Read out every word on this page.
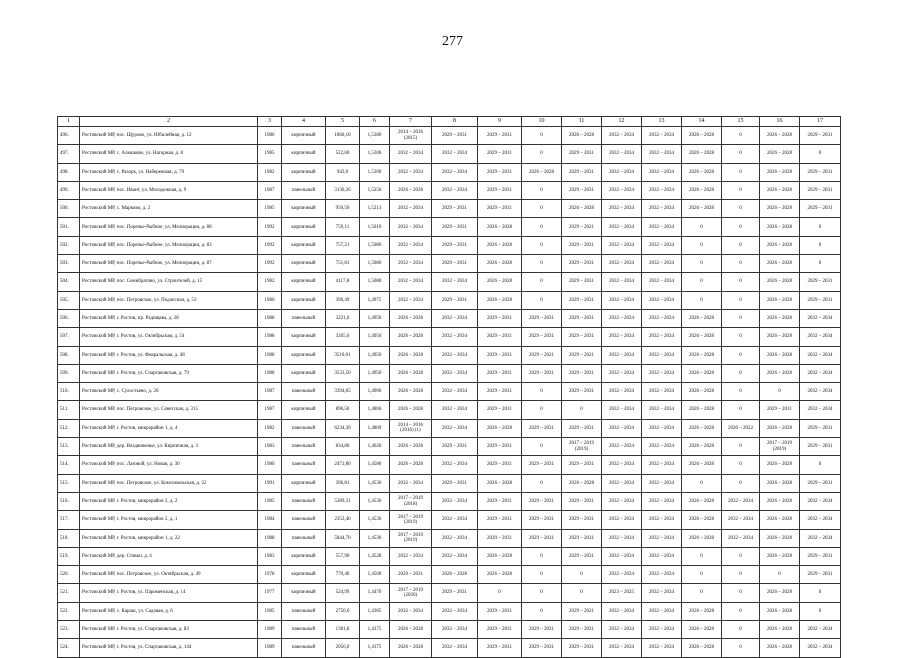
277
1	2	3	4	5	6	7	8	9	10	11	12	13	14	15	16	17
496.	Ростовский МР, пос. Щурово, ул. Юбилейная, д. 12	1980	кирпичный	1860,10	1,5380	2014 – 2016 (2015)	2029 – 2031	2029 – 2031	0	2026 – 2028	2032 – 2034	2032 – 2034	2026 – 2028	0	2026 – 2028	2029 – 2031
497.	Ростовский МР, с. Алешково, ул. Нагорная, д. 8	1985	кирпичный	522,60	1,5306	2032 – 2034	2032 – 2034	2029 – 2031	0	2029 – 2031	2032 – 2034	2032 – 2034	2026 – 2028	0	2026 – 2028	0
498.	Ростовский МР, с. Разорк, ул. Набережная, д. 79	1982	кирпичный	943,0	1,5300	2032 – 2034	2032 – 2034	2029 – 2031	2026 – 2028	2029 – 2031	2032 – 2034	2032 – 2034	2026 – 2028	0	2026 – 2028	2029 – 2031
499.	Ростовский МР, пос. Ивант, ул. Молодежная, д. 9	1987	панельный	3130,26	1,5250	2026 – 2028	2032 – 2034	2029 – 2031	0	2029 – 2031	2032 – 2034	2032 – 2034	2026 – 2028	0	2026 – 2028	2029 – 2031
500.	Ростовский МР, с. Марково, д. 2	1985	кирпичный	950,50	1,5213	2032 – 2034	2029 – 2031	2029 – 2031	0	2026 – 2028	2032 – 2034	2032 – 2034	2026 – 2028	0	2026 – 2028	2029 – 2031
501.	Ростовский МР, пос. Поречье-Рыбное, ул. Мелиорации, д. 88	1992	кирпичный	759,11	1,5610	2032 – 2034	2029 – 2031	2026 – 2028	0	2029 – 2031	2032 – 2034	2032 – 2034	0	0	2026 – 2028	0
502.	Ростовский МР, пос. Поречье-Рыбное, ул. Мелиорации, д. 83	1992	кирпичный	757,21	1,5080	2032 – 2034	2029 – 2031	2026 – 2028	0	2029 – 2031	2032 – 2034	2032 – 2034	0	0	2026 – 2028	0
503.	Ростовский МР, пос. Поречье-Рыбное, ул. Мелиорации, д. 87	1992	кирпичный	751,81	1,5080	2032 – 2034	2029 – 2031	2026 – 2028	0	2029 – 2031	2032 – 2034	2032 – 2034	0	0	2026 – 2028	0
504.	Ростовский МР, пос. Семибратово, ул. Строителей, д. 15	1982	кирпичный	4117,8	1,5080	2032 – 2034	2032 – 2034	2026 – 2028	0	2029 – 2031	2032 – 2034	2032 – 2034	0	0	2026 – 2028	2029 – 2031
505.	Ростовский МР, пос. Петровское, ул. Подлесная, д. 53	1980	кирпичный	396,49	1,4975	2032 – 2034	2029 – 2031	2026 – 2028	0	2029 – 2031	2032 – 2034	2032 – 2034	0	0	2026 – 2028	2029 – 2031
506.	Ростовский МР, г. Ростов, пр. Радищева, д. 28	1988	панельный	3221,6	1,4950	2026 – 2028	2032 – 2034	2029 – 2031	2029 – 2031	2029 – 2031	2032 – 2034	2032 – 2034	2026 – 2028	0	2026 – 2028	2032 – 2034
507.	Ростовский МР, г. Ростов, ул. Октябрьская, д. 54	1988	кирпичный	3265,0	1,4950	2026 – 2028	2032 – 2034	2029 – 2031	2029 – 2031	2029 – 2031	2032 – 2034	2032 – 2034	2026 – 2028	0	2026 – 2028	2032 – 2034
508.	Ростовский МР, г. Ростов, ул. Февральская, д. 48	1988	кирпичный	3510,01	1,4950	2026 – 2028	2032 – 2034	2029 – 2031	2029 – 2031	2029 – 2031	2032 – 2034	2032 – 2034	2026 – 2028	0	2026 – 2028	2032 – 2034
509.	Ростовский МР, г. Ростов, ул. Спартаковская, д. 79	1988	кирпичный	3533,50	1,4950	2026 – 2028	2032 – 2034	2029 – 2031	2029 – 2031	2029 – 2031	2032 – 2034	2032 – 2034	2026 – 2028	0	2026 – 2028	2032 – 2034
510.	Ростовский МР, с. Сулостьево, д. 26	1987	панельный	3394,65	1,4906	2026 – 2028	2032 – 2034	2029 – 2031	0	2029 – 2031	2032 – 2034	2032 – 2034	2026 – 2028	0	0	2032 – 2034
511.	Ростовский МР, пос. Петровское, ул. Советская, д. 315	1987	кирпичный	896,50	1,4866	2026 – 2028	2032 – 2034	2029 – 2031	0	0	2032 – 2034	2032 – 2034	2026 – 2028	0	2029 – 2031	2032 – 2034
512.	Ростовский МР, г. Ростов, микрорайон 1, д. 4	1982	панельный	6234,30	1,4809	2014 – 2016 (2016) (1)	2032 – 2034	2026 – 2028	2029 – 2031	2029 – 2031	2032 – 2034	2032 – 2034	2026 – 2028	2020 – 2022	2026 – 2028	2029 – 2031
513.	Ростовский МР, дер. Воздвиженье, ул. Кирпичная, д. 3	1983	панельный	834,80	1,4620	2026 – 2028	2029 – 2031	2029 – 2031	0	2017 – 2019 (2019)	2032 – 2034	2032 – 2034	2026 – 2028	0	2017 – 2019 (2019)	2029 – 2031
514.	Ростовский МР, пос. Лазовой, ул. Новая, д. 30	1980	панельный	2471,80	1,4580	2026 – 2028	2032 – 2034	2029 – 2031	2029 – 2031	2029 – 2031	2032 – 2034	2032 – 2034	2026 – 2028	0	2026 – 2028	0
515.	Ростовский МР, пос. Петровское, ул. Комсомольская, д. 22	1991	кирпичный	396,81	1,4536	2032 – 2034	2029 – 2031	2026 – 2028	0	2026 – 2028	2032 – 2034	2032 – 2034	0	0	2026 – 2028	2029 – 2031
516.	Ростовский МР, г. Ростов, микрорайон 2, д. 2	1985	панельный	5389,31	1,4536	2017 – 2019 (2018)	2032 – 2034	2029 – 2031	2029 – 2031	2029 – 2031	2032 – 2034	2032 – 2034	2026 – 2028	2032 – 2034	2026 – 2028	2032 – 2034
517.	Ростовский МР, г. Ростов, микрорайон 2, д. 1	1984	панельный	2353,40	1,4536	2017 – 2019 (2019)	2032 – 2034	2029 – 2031	2029 – 2031	2029 – 2031	2032 – 2034	2032 – 2034	2026 – 2028	2032 – 2034	2026 – 2028	2032 – 2034
518.	Ростовский МР, г. Ростов, микрорайон 1, д. 22	1988	панельный	5844,70	1,4536	2017 – 2019 (2019)	2032 – 2034	2029 – 2031	2029 – 2031	2029 – 2031	2032 – 2034	2032 – 2034	2026 – 2028	2032 – 2034	2026 – 2028	2032 – 2034
519.	Ростовский МР, дер. Ставки, д. 4	1983	кирпичный	557,90	1,4528	2032 – 2034	2032 – 2034	2026 – 2028	0	2029 – 2031	2032 – 2034	2032 – 2034	0	0	2026 – 2028	2029 – 2031
520.	Ростовский МР, пос. Петровское, ул. Октябрьская, д. 49	1978	кирпичный	770,40	1,4500	2029 – 2031	2026 – 2028	2026 – 2028	0	0	2032 – 2034	2032 – 2034	0	0	0	2029 – 2031
521.	Ростовский МР, г. Ростов, ул. Пароменская, д. 14	1977	кирпичный	524,99	1,4470	2017 – 2019 (2020)	2029 – 2031	0	0	0	2023 – 2025	2032 – 2034	0	0	2026 – 2028	0
522.	Ростовский МР, с. Караш, ул. Садовая, д. 6	1985	панельный	2756,6	1,4385	2032 – 2034	2032 – 2034	2029 – 2031	0	2029 – 2031	2032 – 2034	2032 – 2034	2026 – 2028	0	2026 – 2028	0
523.	Ростовский МР, г. Ростов, ул. Спартаковская, д. 83	1989	панельный	1301,8	1,4375	2026 – 2028	2032 – 2034	2029 – 2031	2029 – 2031	2029 – 2031	2032 – 2034	2032 – 2034	2026 – 2028	0	2026 – 2028	2032 – 2034
524.	Ростовский МР, г. Ростов, ул. Спартаковская, д. 144	1989	панельный	2056,0	1,4375	2026 – 2028	2032 – 2034	2029 – 2031	2029 – 2031	2029 – 2031	2032 – 2034	2032 – 2034	2026 – 2028	0	2026 – 2028	2032 – 2034
